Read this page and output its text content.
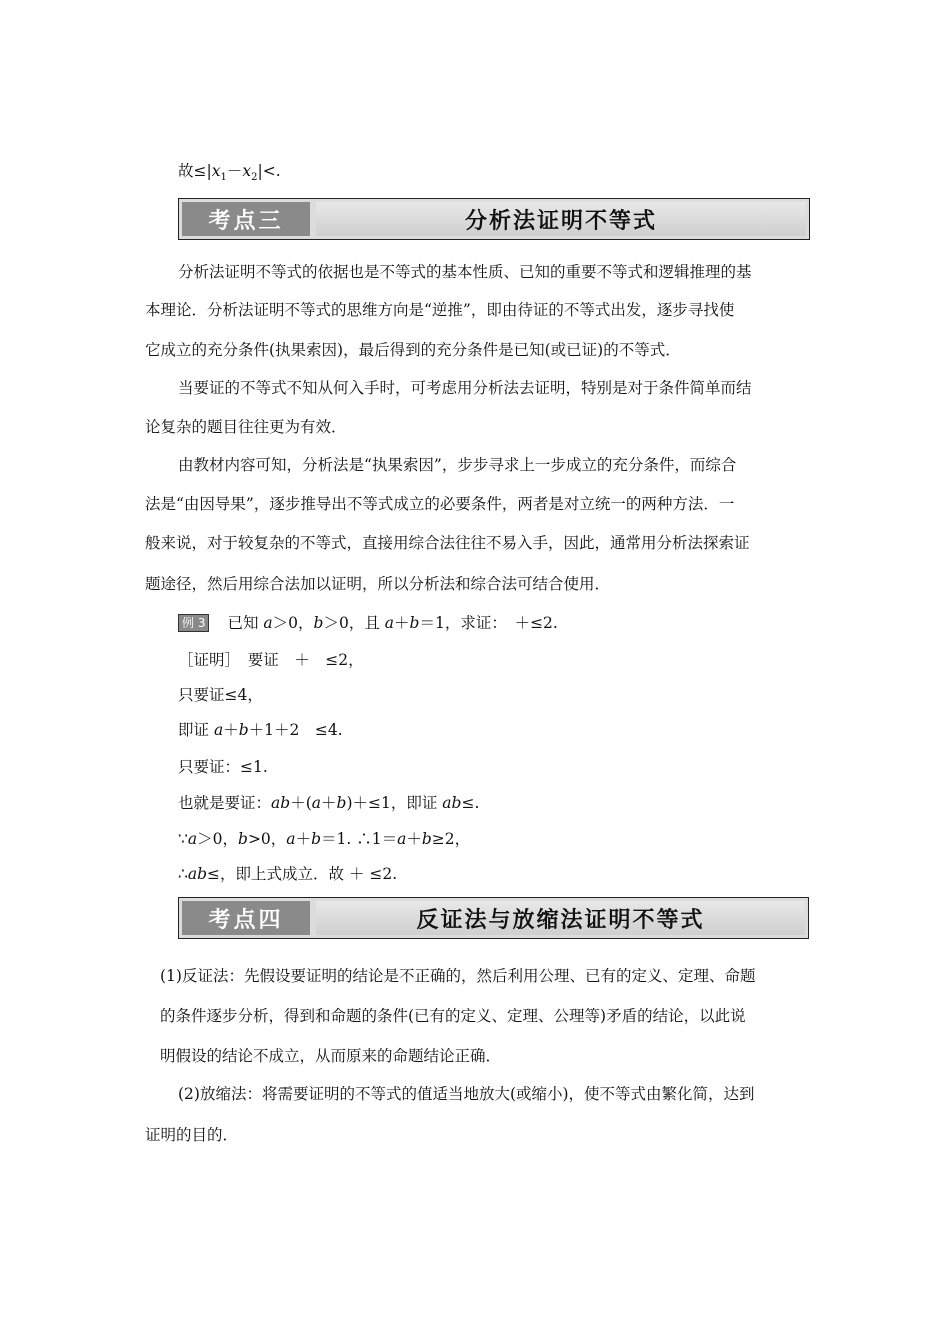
故$\le|x_1-x_2|<$.
考点三	分析法证明不等式
分析法证明不等式的依据也是不等式的基本性质、已知的重要不等式和逻辑推理的基
本理论．分析法证明不等式的思维方向是“逆推”，即由待证的不等式出发，逐步寻找使
它成立的充分条件(执果索因)，最后得到的充分条件是已知(或已证)的不等式．
当要证的不等式不知从何入手时，可考虑用分析法去证明，特别是对于条件简单而结
论复杂的题目往往更为有效．
由教材内容可知，分析法是“执果索因”，步步寻求上一步成立的充分条件，而综合
法是“由因导果”，逐步推导出不等式成立的必要条件，两者是对立统一的两种方法．一
般来说，对于较复杂的不等式，直接用综合法往往不易入手，因此，通常用分析法探索证
题途径，然后用综合法加以证明，所以分析法和综合法可结合使用．
例 3 已知 a＞0，b＞0，且 a＋b＝1，求证：　＋≤2.
［证明］　要证　＋　≤2，
只要证≤4，
即证 a＋b＋1＋2　≤4.
只要证：≤1.
也就是要证：ab＋(a＋b)＋≤1，即证 ab≤.
∵a＞0，b>0，a＋b＝1. ∴1＝a＋b≥2，
∴ab≤，即上式成立．故 ＋ ≤2.
考点四	反证法与放缩法证明不等式
(1)反证法：先假设要证明的结论是不正确的，然后利用公理、已有的定义、定理、命题
的条件逐步分析，得到和命题的条件(已有的定义、定理、公理等)矛盾的结论，以此说
明假设的结论不成立，从而原来的命题结论正确．
(2)放缩法：将需要证明的不等式的值适当地放大(或缩小)，使不等式由繁化简，达到
证明的目的．
